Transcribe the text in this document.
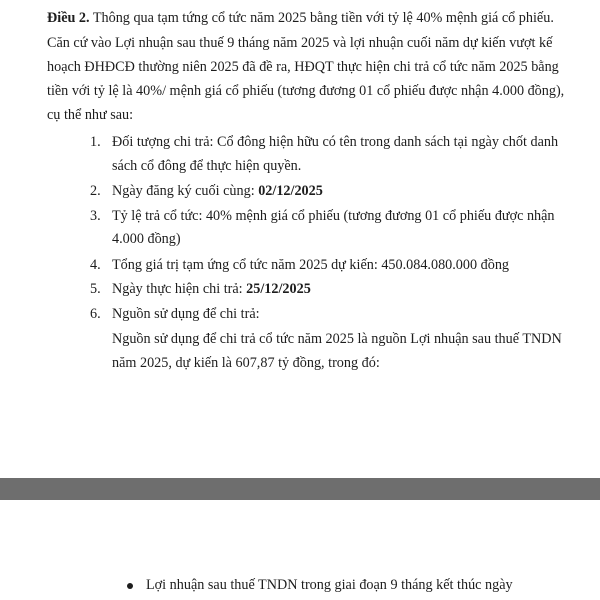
Điều 2. Thông qua tạm tứng cổ tức năm 2025 bằng tiền với tỷ lệ 40% mệnh giá cổ phiếu.
Căn cứ vào Lợi nhuận sau thuế 9 tháng năm 2025 và lợi nhuận cuối năm dự kiến vượt kế
hoạch ĐHĐCĐ thường niên 2025 đã đề ra, HĐQT thực hiện chi trả cổ tức năm 2025 bằng
tiền với tỷ lệ là 40%/ mệnh giá cổ phiếu (tương đương 01 cổ phiếu được nhận 4.000 đồng),
cụ thể như sau:
1. Đối tượng chi trả: Cổ đông hiện hữu có tên trong danh sách tại ngày chốt danh
sách cổ đông để thực hiện quyền.
2. Ngày đăng ký cuối cùng: 02/12/2025
3. Tỷ lệ trả cổ tức: 40% mệnh giá cổ phiếu (tương đương 01 cổ phiếu được nhận
4.000 đồng)
4. Tổng giá trị tạm ứng cổ tức năm 2025 dự kiến: 450.084.080.000 đồng
5. Ngày thực hiện chi trả: 25/12/2025
6. Nguồn sử dụng để chi trả:
Nguồn sử dụng để chi trả cổ tức năm 2025 là nguồn Lợi nhuận sau thuế TNDN
năm 2025, dự kiến là 607,87 tỷ đồng, trong đó:
Lợi nhuận sau thuế TNDN trong giai đoạn 9 tháng kết thúc ngày
